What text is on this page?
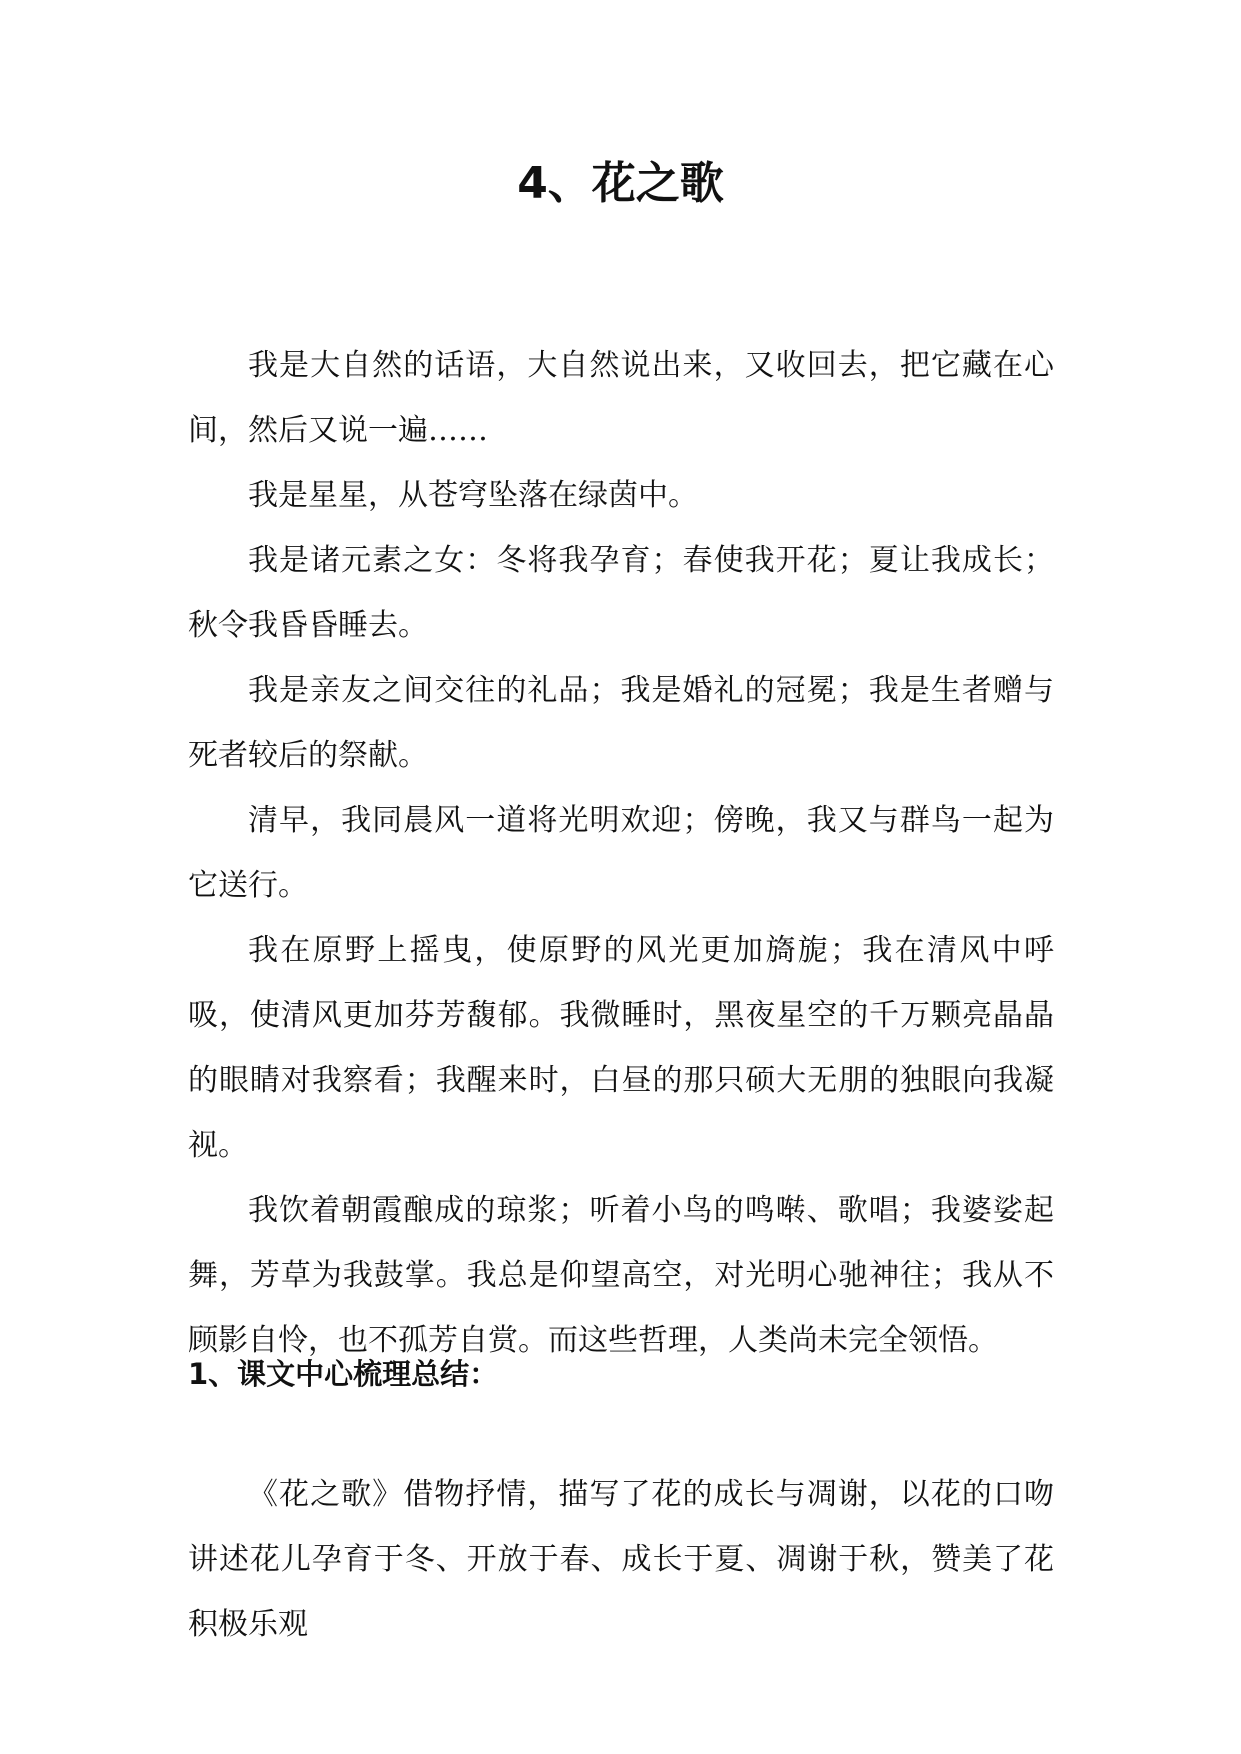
4、花之歌

我是大自然的话语，大自然说出来，又收回去，把它藏在心间，然后又说一遍……

我是星星，从苍穹坠落在绿茵中。

我是诸元素之女：冬将我孕育；春使我开花；夏让我成长；秋令我昏昏睡去。

我是亲友之间交往的礼品；我是婚礼的冠冕；我是生者赠与死者较后的祭献。

清早，我同晨风一道将光明欢迎；傍晚，我又与群鸟一起为它送行。

我在原野上摇曳，使原野的风光更加旖旎；我在清风中呼吸，使清风更加芬芳馥郁。我微睡时，黑夜星空的千万颗亮晶晶的眼睛对我察看；我醒来时，白昼的那只硕大无朋的独眼向我凝视。

我饮着朝霞酿成的琼浆；听着小鸟的鸣啭、歌唱；我婆娑起舞，芳草为我鼓掌。我总是仰望高空，对光明心驰神往；我从不顾影自怜，也不孤芳自赏。而这些哲理，人类尚未完全领悟。

1、课文中心梳理总结：

《花之歌》借物抒情，描写了花的成长与凋谢，以花的口吻讲述花儿孕育于冬、开放于春、成长于夏、凋谢于秋，赞美了花积极乐观
